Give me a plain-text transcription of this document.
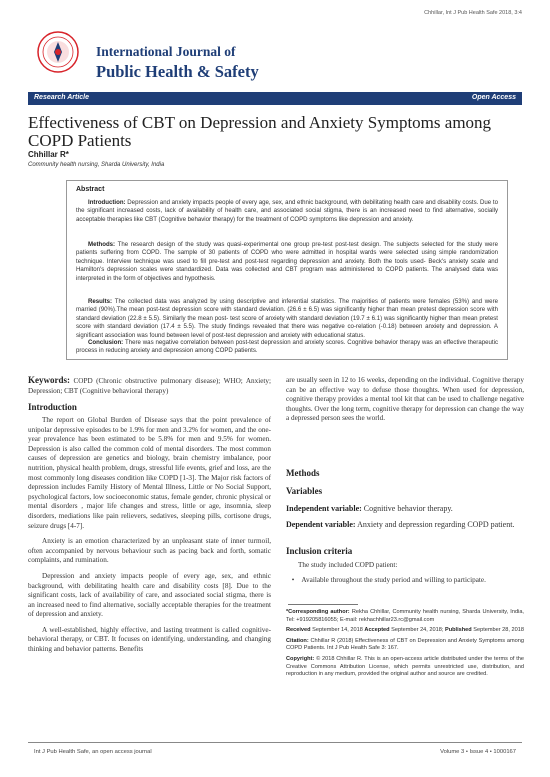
Chhillar, Int J Pub Health Safe 2018, 3:4
International Journal of
Public Health & Safety
Research Article	Open Access
Effectiveness of CBT on Depression and Anxiety Symptoms among COPD Patients
Chhillar R*
Community health nursing, Sharda University, India
Abstract
Introduction: Depression and anxiety impacts people of every age, sex, and ethnic background, with debilitating health care and disability costs. Due to the significant increased costs, lack of availability of health care, and associated social stigma, there is an increased need to find alternative, socially acceptable therapies like CBT (Cognitive behavior therapy) for the treatment of COPD symptoms like depression and anxiety.
Methods: The research design of the study was quasi-experimental one group pre-test post-test design. The subjects selected for the study were patients suffering from COPD. The sample of 30 patients of COPD who were admitted in hospital wards were selected using simple randomization technique. Interview technique was used to fill pre-test and post-test regarding depression and anxiety. Both the tools used- Beck's anxiety scale and Hamilton's depression scales were standardized. Data was collected and CBT program was administered to COPD patients. The analysed data was interpreted in the form of objectives and hypothesis.
Results: The collected data was analyzed by using descriptive and inferential statistics. The majorities of patients were females (53%) and were married (90%).The mean post-test depression score with standard deviation. (26.6 ± 6.5) was significantly higher than mean pretest depression score with standard deviation (22.8 ± 5.5). Similarly the mean post- test score of anxiety with standard deviation (19.7 ± 6.1) was significantly higher than mean pretest score with standard deviation (17.4 ± 5.5). The study findings revealed that there was negative co-relation (-0.18) between anxiety and depression. A significant association was found between level of post-test depression and anxiety with educational status.
Conclusion: There was negative correlation between post-test depression and anxiety scores. Cognitive behavior therapy was an effective therapeutic process in reducing anxiety and depression among COPD patients.

Keywords: COPD (Chronic obstructive pulmonary disease); WHO; Anxiety; Depression; CBT (Cognitive behavioral therapy)

Introduction

The report on Global Burden of Disease says that the point prevalence of unipolar depressive episodes to be 1.9% for men and 3.2% for women, and the one-year prevalence has been estimated to be 5.8% for men and 9.5% for women. Depression is also called the common cold of mental disorders. The most common causes of depression are genetics and biology, brain chemistry imbalance, poor nutrition, physical health problem, drugs, stressful life events, grief and loss, are the most commonly long diseases condition like COPD [1-3]. The Major risk factors of depression includes Family History of Mental Illness, Little or No Social Support, psychological factors, low socioeconomic status, female gender, chronic physical or mental disorders , major life changes and stress, little or age, insomnia, sleep disorders, mediations like pain relievers, sedatives, sleeping pills, cortisone drugs, seizure drugs [4-7].

Anxiety is an emotion characterized by an unpleasant state of inner turmoil, often accompanied by nervous behaviour such as pacing back and forth, somatic complaints, and rumination.

Depression and anxiety impacts people of every age, sex, and ethnic background, with debilitating health care and disability costs [8]. Due to the significant costs, lack of availability of care, and associated social stigma, there is an increased need to find alternative, socially acceptable therapies for the treatment of depression and anxiety.

A well-established, highly effective, and lasting treatment is called cognitive-behavioral therapy, or CBT. It focuses on identifying, understanding, and changing thinking and behavior patterns. Benefits

are usually seen in 12 to 16 weeks, depending on the individual. Cognitive therapy can be an effective way to defuse those thoughts. When used for depression, cognitive therapy provides a mental tool kit that can be used to challenge negative thoughts. Over the long term, cognitive therapy for depression can change the way a depressed person sees the world.

Methods
Variables
Independent variable: Cognitive behavior therapy.
Dependent variable: Anxiety and depression regarding COPD patient.
Inclusion criteria
The study included COPD patient:
• Available throughout the study period and willing to participate.
*Corresponding author: Rekha Chhillar, Community health nursing, Sharda University, India, Tel: +919205816055; E-mail: rekhachhillar23.rc@gmail.com
Received September 14, 2018 Accepted September 24, 2018; Published September 28, 2018
Citation: Chhillar R (2018) Effectiveness of CBT on Depression and Anxiety Symptoms among COPD Patients. Int J Pub Health Safe 3: 167.
Copyright: © 2018 Chhillar R. This is an open-access article distributed under the terms of the Creative Commons Attribution License, which permits unrestricted use, distribution, and reproduction in any medium, provided the original author and source are credited.
Int J Pub Health Safe, an open access journal	Volume 3 • Issue 4 • 1000167
